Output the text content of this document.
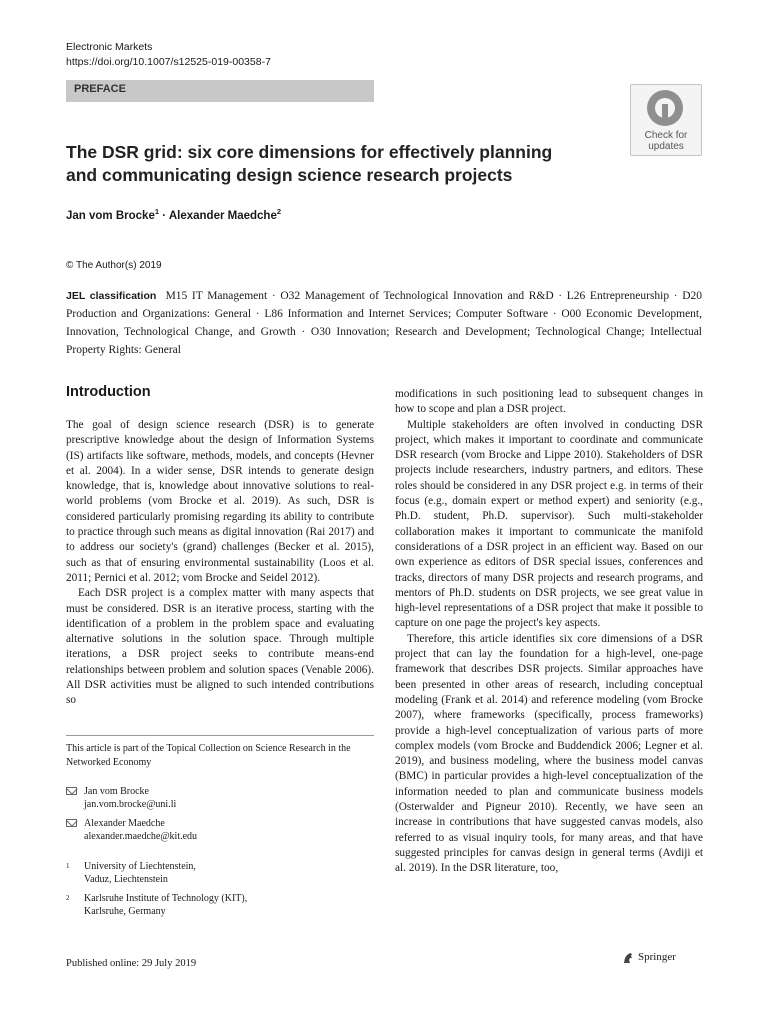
Electronic Markets
https://doi.org/10.1007/s12525-019-00358-7
PREFACE
Check for
updates
The DSR grid: six core dimensions for effectively planning and communicating design science research projects
Jan vom Brocke$^1$ · Alexander Maedche$^2$
© The Author(s) 2019
JEL classification M15 IT Management · O32 Management of Technological Innovation and R&D · L26 Entrepreneurship · D20 Production and Organizations: General · L86 Information and Internet Services; Computer Software · O00 Economic Development, Innovation, Technological Change, and Growth · O30 Innovation; Research and Development; Technological Change; Intellectual Property Rights: General
Introduction

The goal of design science research (DSR) is to generate prescriptive knowledge about the design of Information Systems (IS) artifacts like software, methods, models, and concepts (Hevner et al. 2004). In a wider sense, DSR intends to generate design knowledge, that is, knowledge about innovative solutions to real-world problems (vom Brocke et al. 2019). As such, DSR is considered particularly promising regarding its ability to contribute to practice through such means as digital innovation (Rai 2017) and to address our society's (grand) challenges (Becker et al. 2015), such as that of ensuring environmental sustainability (Loos et al. 2011; Pernici et al. 2012; vom Brocke and Seidel 2012).

Each DSR project is a complex matter with many aspects that must be considered. DSR is an iterative process, starting with the identification of a problem in the problem space and evaluating alternative solutions in the solution space. Through multiple iterations, a DSR project seeks to contribute means-end relationships between problem and solution spaces (Venable 2006). All DSR activities must be aligned to such intended contributions so

modifications in such positioning lead to subsequent changes in how to scope and plan a DSR project.

Multiple stakeholders are often involved in conducting DSR project, which makes it important to coordinate and communicate DSR research (vom Brocke and Lippe 2010). Stakeholders of DSR projects include researchers, industry partners, and editors. These roles should be considered in any DSR project e.g. in terms of their focus (e.g., domain expert or method expert) and seniority (e.g., Ph.D. student, Ph.D. supervisor). Such multi-stakeholder collaboration makes it important to communicate the manifold considerations of a DSR project in an efficient way. Based on our own experience as editors of DSR special issues, conferences and tracks, directors of many DSR projects and research programs, and mentors of Ph.D. students on DSR projects, we see great value in high-level representations of a DSR project that make it possible to capture on one page the project's key aspects.

Therefore, this article identifies six core dimensions of a DSR project that can lay the foundation for a high-level, one-page framework that describes DSR projects. Similar approaches have been presented in other areas of research, including conceptual modeling (Frank et al. 2014) and reference modeling (vom Brocke 2007), where frameworks (specifically, process frameworks) provide a high-level conceptualization of various parts of more complex models (vom Brocke and Buddendick 2006; Legner et al. 2019), and business modeling, where the business model canvas (BMC) in particular provides a high-level conceptualization of the information needed to plan and communicate business models (Osterwalder and Pigneur 2010). Recently, we have seen an increase in contributions that have suggested canvas models, also referred to as visual inquiry tools, for many areas, and that have suggested principles for canvas design in general terms (Avdiji et al. 2019). In the DSR literature, too,

This article is part of the Topical Collection on Science Research in the Networked Economy
Jan vom Brocke
jan.vom.brocke@uni.li
Alexander Maedche
alexander.maedche@kit.edu
1 University of Liechtenstein,
Vaduz, Liechtenstein
2 Karlsruhe Institute of Technology (KIT),
Karlsruhe, Germany
Published online: 29 July 2019
Springer
